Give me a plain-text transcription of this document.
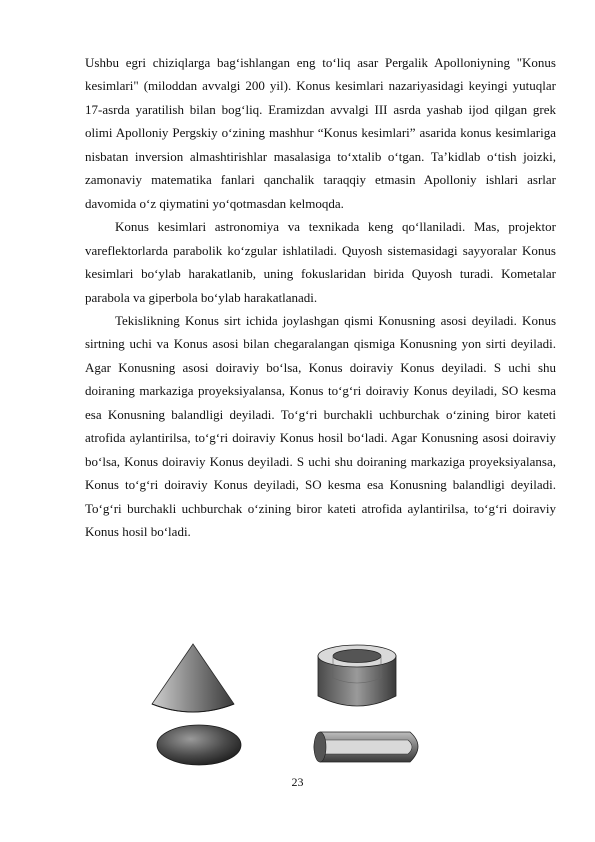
Ushbu egri chiziqlarga bag‘ishlangan eng to‘liq asar Pergalik Apolloniyning "Konus kesimlari" (miloddan avvalgi 200 yil). Konus kesimlari nazariyasidagi keyingi yutuqlar 17-asrda yaratilish bilan bog‘liq. Eramizdan avvalgi III asrda yashab ijod qilgan grek olimi Apolloniy Pergskiy o‘zining mashhur “Konus kesimlari” asarida konus kesimlariga nisbatan inversion almashtirishlar masalasiga to‘xtalib o‘tgan. Ta’kidlab o‘tish joizki, zamonaviy matematika fanlari qanchalik taraqqiy etmasin Apolloniy ishlari asrlar davomida o‘z qiymatini yo‘qotmasdan kelmoqda.

Konus kesimlari astronomiya va texnikada keng qo‘llaniladi. Mas, projektor vareflektorlarda parabolik ko‘zgular ishlatiladi. Quyosh sistemasidagi sayyoralar Konus kesimlari bo‘ylab harakatlanib, uning fokuslaridan birida Quyosh turadi. Kometalar parabola va giperbola bo‘ylab harakatlanadi.

Tekislikning Konus sirt ichida joylashgan qismi Konusning asosi deyiladi. Konus sirtning uchi va Konus asosi bilan chegaralangan qismiga Konusning yon sirti deyiladi. Agar Konusning asosi doiraviy bo‘lsa, Konus doiraviy Konus deyiladi. S uchi shu doiraning markaziga proyeksiyalansa, Konus to‘g‘ri doiraviy Konus deyiladi, SO kesma esa Konusning balandligi deyiladi. To‘g‘ri burchakli uchburchak o‘zining biror kateti atrofida aylantirilsa, to‘g‘ri doiraviy Konus hosil bo‘ladi. Agar Konusning asosi doiraviy bo‘lsa, Konus doiraviy Konus deyiladi. S uchi shu doiraning markaziga proyeksiyalansa, Konus to‘g‘ri doiraviy Konus deyiladi, SO kesma esa Konusning balandligi deyiladi. To‘g‘ri burchakli uchburchak o‘zining biror kateti atrofida aylantirilsa, to‘g‘ri doiraviy Konus hosil bo‘ladi.

23
